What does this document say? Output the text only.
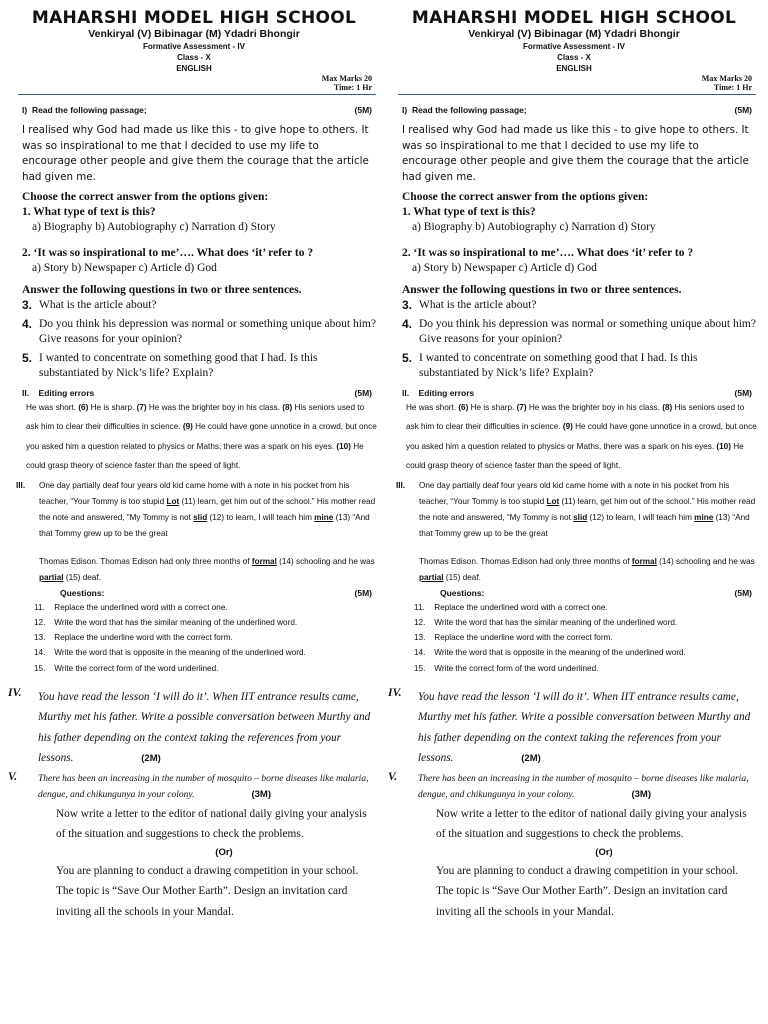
MAHARSHI MODEL HIGH SCHOOL
Venkiryal (V) Bibinagar (M) Ydadri Bhongir
Formative Assessment - IV
Class - X
ENGLISH
Max Marks 20
Time: 1 Hr
I) Read the following passage;	(5M)
I realised why God had made us like this - to give hope to others. It was so inspirational to me that I decided to use my life to encourage other people and give them the courage that the article had given me.
Choose the correct answer from the options given:
1. What type of text is this?
a) Biography b) Autobiography c) Narration d) Story
2. ‘It was so inspirational to me’…. What does ‘it’ refer to ?
a) Story b) Newspaper c) Article d) God
Answer the following questions in two or three sentences.
3. What is the article about?
4. Do you think his depression was normal or something unique about him? Give reasons for your opinion?
5. I wanted to concentrate on something good that I had. Is this substantiated by Nick’s life? Explain?
II. Editing errors	(5M)
He was short. (6) He is sharp. (7) He was the brighter boy in his class. (8) His seniors used to ask him to clear their difficulties in science. (9) He could have gone unnotice in a crowd, but once you asked him a question related to physics or Maths, there was a spark on his eyes. (10) He could grasp theory of science faster than the speed of light.
III.	One day partially deaf four years old kid came home with a note in his pocket from his teacher, “Your Tommy is too stupid Lot (11) learn, get him out of the school.” His mother read the note and answered, “My Tommy is not slid (12) to learn, I will teach him mine (13) “And that Tommy grew up to be the great
Thomas Edison. Thomas Edison had only three months of formal (14) schooling and he was partial (15) deaf.
Questions:	(5M)
11. Replace the underlined word with a correct one.
12. Write the word that has the similar meaning of the underlined word.
13. Replace the underline word with the correct form.
14. Write the word that is opposite in the meaning of the underlined word.
15. Write the correct form of the word underlined.
IV.	You have read the lesson ‘I will do it’. When IIT entrance results came, Murthy met his father. Write a possible conversation between Murthy and his father depending on the context taking the references from your lessons.	(2M)
V.	There has been an increasing in the number of mosquito – borne diseases like malaria, dengue, and chikungunya in your colony.	(3M)
Now write a letter to the editor of national daily giving your analysis of the situation and suggestions to check the problems.
(Or)
You are planning to conduct a drawing competition in your school. The topic is “Save Our Mother Earth”. Design an invitation card inviting all the schools in your Mandal.
MAHARSHI MODEL HIGH SCHOOL
Venkiryal (V) Bibinagar (M) Ydadri Bhongir
Formative Assessment - IV
Class - X
ENGLISH
Max Marks 20
Time: 1 Hr
I) Read the following passage;	(5M)
I realised why God had made us like this - to give hope to others. It was so inspirational to me that I decided to use my life to encourage other people and give them the courage that the article had given me.
Choose the correct answer from the options given:
1. What type of text is this?
a) Biography b) Autobiography c) Narration d) Story
2. ‘It was so inspirational to me’…. What does ‘it’ refer to ?
a) Story b) Newspaper c) Article d) God
Answer the following questions in two or three sentences.
3. What is the article about?
4. Do you think his depression was normal or something unique about him? Give reasons for your opinion?
5. I wanted to concentrate on something good that I had. Is this substantiated by Nick’s life? Explain?
II. Editing errors	(5M)
He was short. (6) He is sharp. (7) He was the brighter boy in his class. (8) His seniors used to ask him to clear their difficulties in science. (9) He could have gone unnotice in a crowd, but once you asked him a question related to physics or Maths, there was a spark on his eyes. (10) He could grasp theory of science faster than the speed of light.
III.	One day partially deaf four years old kid came home with a note in his pocket from his teacher, “Your Tommy is too stupid Lot (11) learn, get him out of the school.” His mother read the note and answered, “My Tommy is not slid (12) to learn, I will teach him mine (13) “And that Tommy grew up to be the great
Thomas Edison. Thomas Edison had only three months of formal (14) schooling and he was partial (15) deaf.
Questions:	(5M)
11. Replace the underlined word with a correct one.
12. Write the word that has the similar meaning of the underlined word.
13. Replace the underline word with the correct form.
14. Write the word that is opposite in the meaning of the underlined word.
15. Write the correct form of the word underlined.
IV.	You have read the lesson ‘I will do it’. When IIT entrance results came, Murthy met his father. Write a possible conversation between Murthy and his father depending on the context taking the references from your lessons.	(2M)
V.	There has been an increasing in the number of mosquito – borne diseases like malaria, dengue, and chikungunya in your colony.	(3M)
Now write a letter to the editor of national daily giving your analysis of the situation and suggestions to check the problems.
(Or)
You are planning to conduct a drawing competition in your school. The topic is “Save Our Mother Earth”. Design an invitation card inviting all the schools in your Mandal.
